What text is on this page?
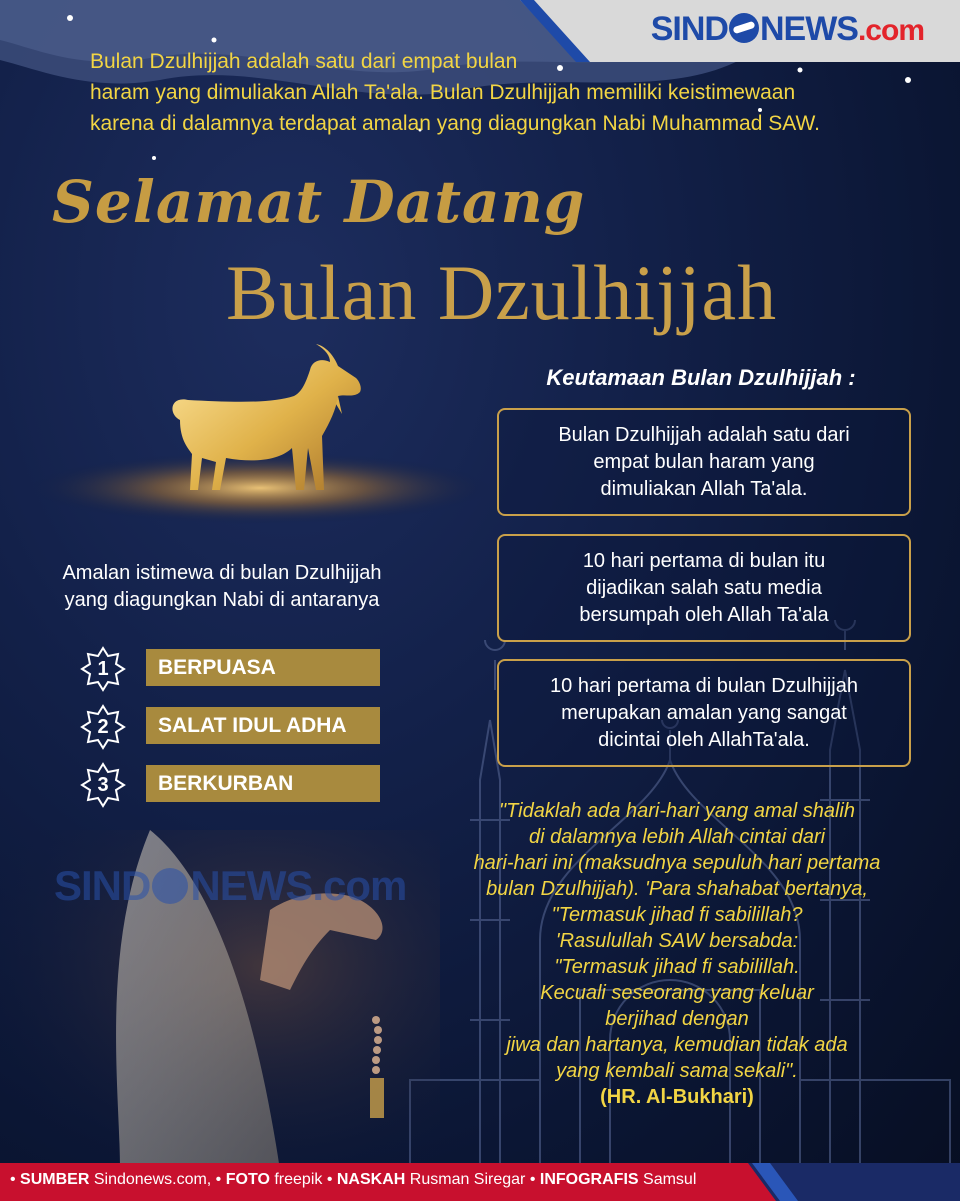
SIND NEWS.com

Bulan Dzulhijjah adalah satu dari empat bulan

haram yang dimuliakan Allah Ta'ala. Bulan Dzulhijjah memiliki keistimewaan

karena di dalamnya terdapat amalan yang diagungkan Nabi Muhammad SAW.

Selamat Datang
Bulan Dzulhijjah
Amalan istimewa di bulan Dzulhijjah
yang diagungkan Nabi di antaranya
1	BERPUASA
2	SALAT IDUL ADHA
3	BERKURBAN
SIND NEWS.com
Keutamaan Bulan Dzulhijjah :
Bulan Dzulhijjah adalah satu dari
empat bulan haram yang
dimuliakan Allah Ta'ala.
10 hari pertama di bulan itu
dijadikan salah satu media
bersumpah oleh Allah Ta'ala
10 hari pertama di bulan Dzulhijjah
merupakan amalan yang sangat
dicintai oleh AllahTa'ala.
"Tidaklah ada hari-hari yang amal shalih
di dalamnya lebih Allah cintai dari
hari-hari ini (maksudnya sepuluh hari pertama
bulan Dzulhijjah). 'Para shahabat bertanya,
"Termasuk jihad fi sabilillah?
'Rasulullah SAW bersabda:
"Termasuk jihad fi sabilillah.
Kecuali seseorang yang keluar
berjihad dengan
jiwa dan hartanya, kemudian tidak ada
yang kembali sama sekali".
(HR. Al-Bukhari)
• SUMBER Sindonews.com, • FOTO freepik • NASKAH Rusman Siregar • INFOGRAFIS Samsul
